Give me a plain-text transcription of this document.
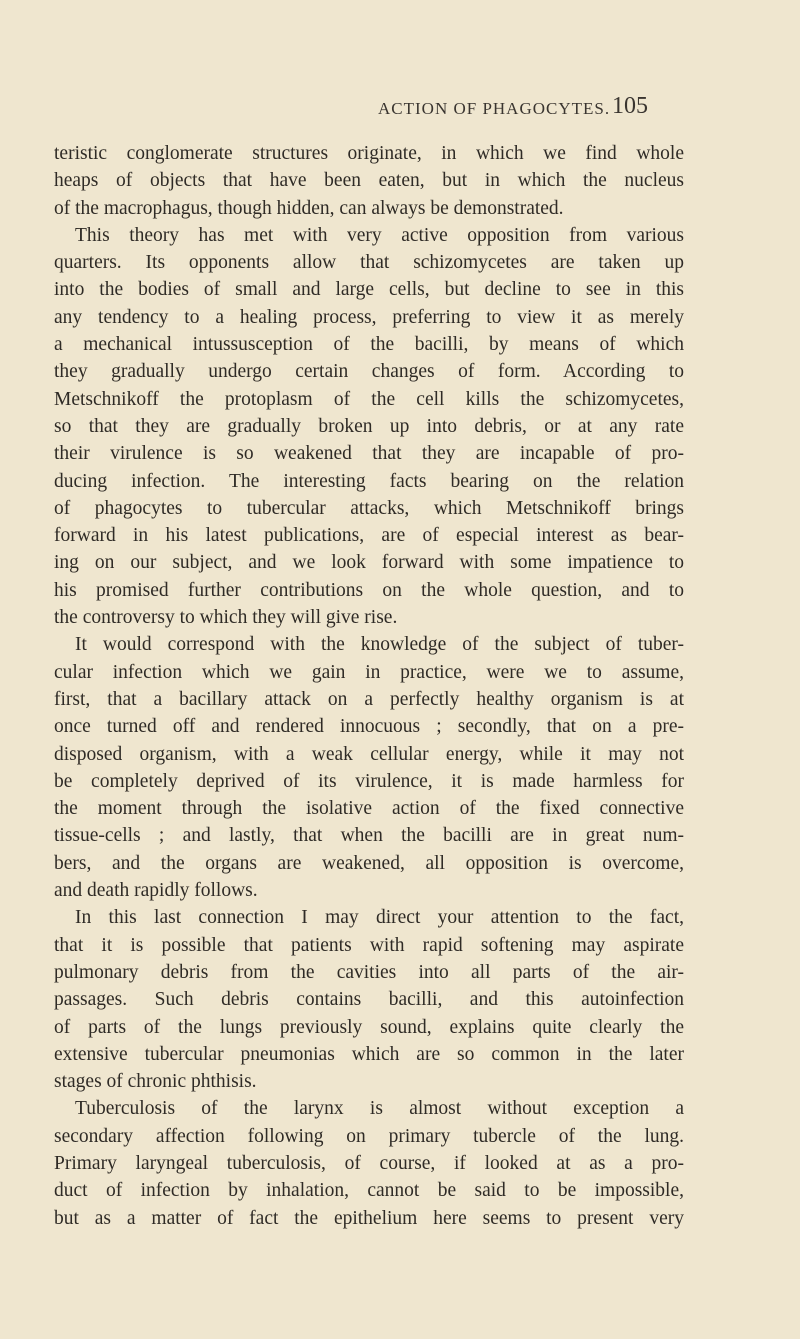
ACTION OF PHAGOCYTES. 105
teristic conglomerate structures originate, in which we find whole
heaps of objects that have been eaten, but in which the nucleus
of the macrophagus, though hidden, can always be demonstrated.
This theory has met with very active opposition from various
quarters. Its opponents allow that schizomycetes are taken up
into the bodies of small and large cells, but decline to see in this
any tendency to a healing process, preferring to view it as merely
a mechanical intussusception of the bacilli, by means of which
they gradually undergo certain changes of form. According to
Metschnikoff the protoplasm of the cell kills the schizomycetes,
so that they are gradually broken up into debris, or at any rate
their virulence is so weakened that they are incapable of pro-
ducing infection. The interesting facts bearing on the relation
of phagocytes to tubercular attacks, which Metschnikoff brings
forward in his latest publications, are of especial interest as bear-
ing on our subject, and we look forward with some impatience to
his promised further contributions on the whole question, and to
the controversy to which they will give rise.
It would correspond with the knowledge of the subject of tuber-
cular infection which we gain in practice, were we to assume,
first, that a bacillary attack on a perfectly healthy organism is at
once turned off and rendered innocuous ; secondly, that on a pre-
disposed organism, with a weak cellular energy, while it may not
be completely deprived of its virulence, it is made harmless for
the moment through the isolative action of the fixed connective
tissue-cells ; and lastly, that when the bacilli are in great num-
bers, and the organs are weakened, all opposition is overcome,
and death rapidly follows.
In this last connection I may direct your attention to the fact,
that it is possible that patients with rapid softening may aspirate
pulmonary debris from the cavities into all parts of the air-
passages. Such debris contains bacilli, and this autoinfection
of parts of the lungs previously sound, explains quite clearly the
extensive tubercular pneumonias which are so common in the later
stages of chronic phthisis.
Tuberculosis of the larynx is almost without exception a
secondary affection following on primary tubercle of the lung.
Primary laryngeal tuberculosis, of course, if looked at as a pro-
duct of infection by inhalation, cannot be said to be impossible,
but as a matter of fact the epithelium here seems to present very
